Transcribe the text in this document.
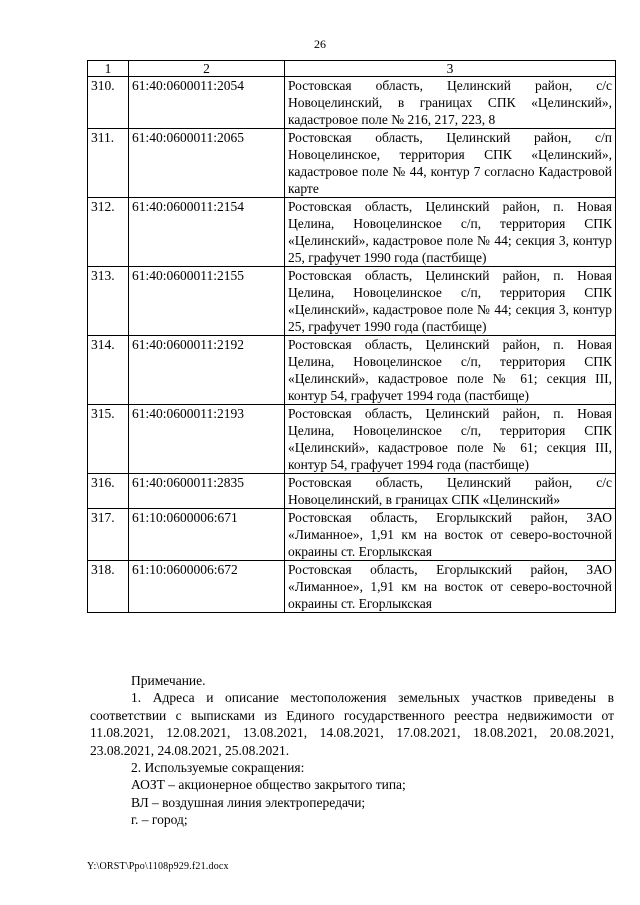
26
1	2	3
310.	61:40:0600011:2054	Ростовская область, Целинский район, с/с Новоцелинский, в границах СПК «Целинский», кадастровое поле № 216, 217, 223, 8
311.	61:40:0600011:2065	Ростовская область, Целинский район, с/п Новоцелинское, территория СПК «Целинский», кадастровое поле № 44, контур 7 согласно Кадастровой карте
312.	61:40:0600011:2154	Ростовская область, Целинский район, п. Новая Целина, Новоцелинское с/п, территория СПК «Целинский», кадастровое поле № 44; секция 3, контур 25, графучет 1990 года (пастбище)
313.	61:40:0600011:2155	Ростовская область, Целинский район, п. Новая Целина, Новоцелинское с/п, территория СПК «Целинский», кадастровое поле № 44; секция 3, контур 25, графучет 1990 года (пастбище)
314.	61:40:0600011:2192	Ростовская область, Целинский район, п. Новая Целина, Новоцелинское с/п, территория СПК «Целинский», кадастровое поле № 61; секция III, контур 54, графучет 1994 года (пастбище)
315.	61:40:0600011:2193	Ростовская область, Целинский район, п. Новая Целина, Новоцелинское с/п, территория СПК «Целинский», кадастровое поле № 61; секция III, контур 54, графучет 1994 года (пастбище)
316.	61:40:0600011:2835	Ростовская область, Целинский район, с/с Новоцелинский, в границах СПК «Целинский»
317.	61:10:0600006:671	Ростовская область, Егорлыкский район, ЗАО «Лиманное», 1,91 км на восток от северо-восточной окраины ст. Егорлыкская
318.	61:10:0600006:672	Ростовская область, Егорлыкский район, ЗАО «Лиманное», 1,91 км на восток от северо-восточной окраины ст. Егорлыкская

Примечание.

1. Адреса и описание местоположения земельных участков приведены в соответствии с выписками из Единого государственного реестра недвижимости от 11.08.2021, 12.08.2021, 13.08.2021, 14.08.2021, 17.08.2021, 18.08.2021, 20.08.2021, 23.08.2021, 24.08.2021, 25.08.2021.

2. Используемые сокращения:

АОЗТ – акционерное общество закрытого типа;

ВЛ – воздушная линия электропередачи;

г. – город;

Y:\ORST\Ppo\1108p929.f21.docx
